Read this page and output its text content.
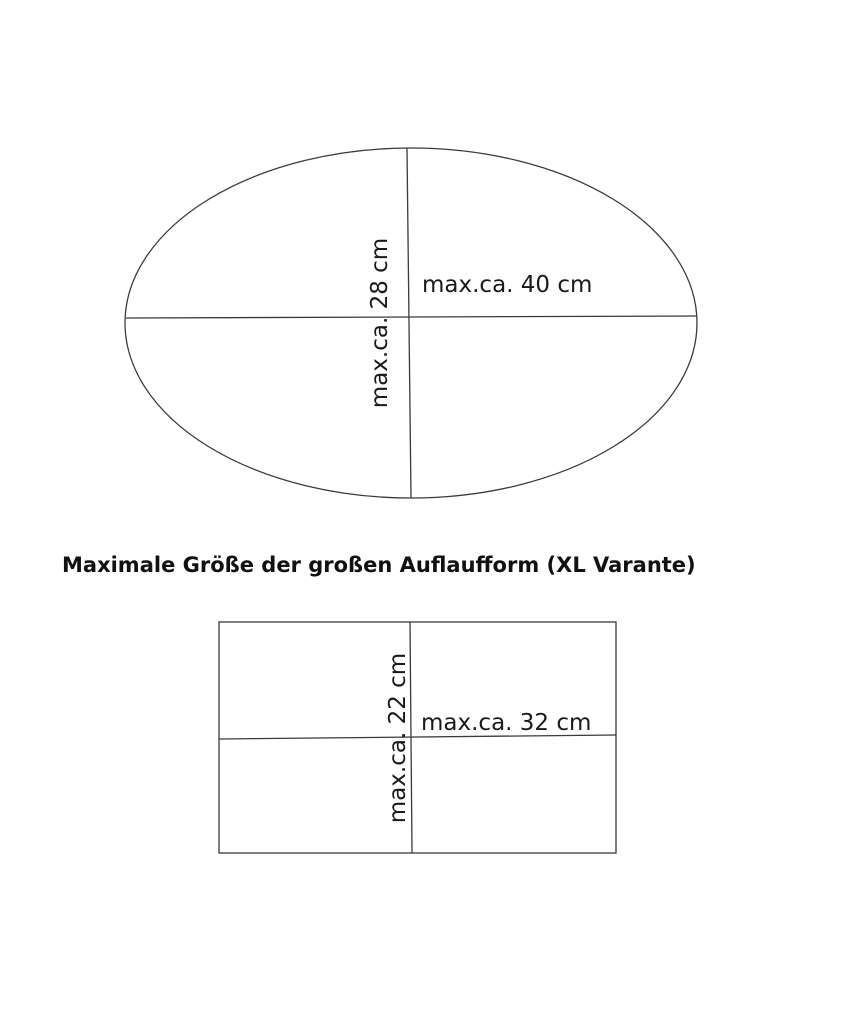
max.ca. 40 cm
max.ca. 28 cm
Maximale Größe der großen Auflaufform (XL Varante)
max.ca. 32 cm
max.ca. 22 cm
